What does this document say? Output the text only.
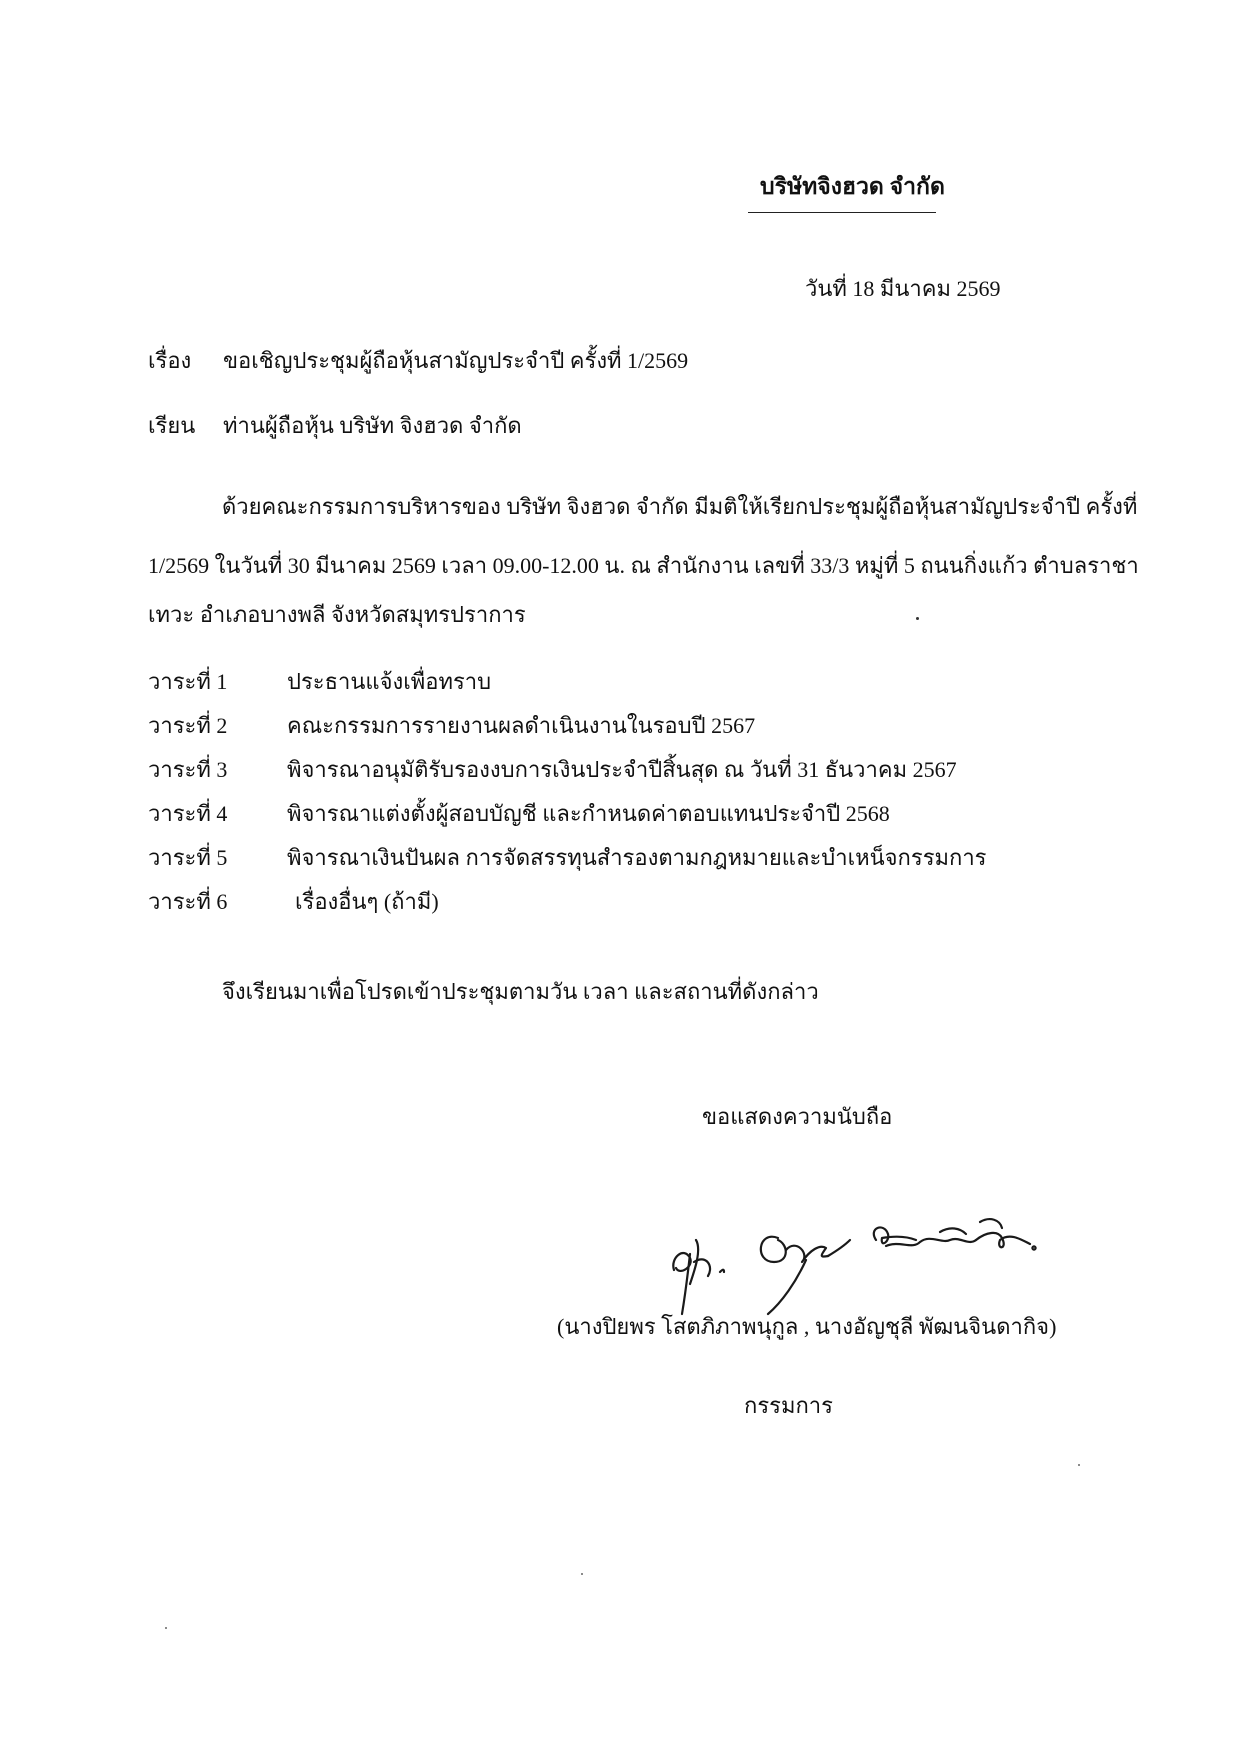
บริษัทจิงฮวด จำกัด
วันที่ 18 มีนาคม 2569
เรื่อง ขอเชิญประชุมผู้ถือหุ้นสามัญประจำปี ครั้งที่ 1/2569
เรียน ท่านผู้ถือหุ้น บริษัท จิงฮวด จำกัด
ด้วยคณะกรรมการบริหารของ บริษัท จิงฮวด จำกัด มีมติให้เรียกประชุมผู้ถือหุ้นสามัญประจำปี ครั้งที่
1/2569 ในวันที่ 30 มีนาคม 2569 เวลา 09.00-12.00 น. ณ สำนักงาน เลขที่ 33/3 หมู่ที่ 5 ถนนกิ่งแก้ว ตำบลราชา
เทวะ อำเภอบางพลี จังหวัดสมุทรปราการ
วาระที่ 1	ประธานแจ้งเพื่อทราบ
วาระที่ 2	คณะกรรมการรายงานผลดำเนินงานในรอบปี 2567
วาระที่ 3	พิจารณาอนุมัติรับรองงบการเงินประจำปีสิ้นสุด ณ วันที่ 31 ธันวาคม 2567
วาระที่ 4	พิจารณาแต่งตั้งผู้สอบบัญชี และกำหนดค่าตอบแทนประจำปี 2568
วาระที่ 5	พิจารณาเงินปันผล การจัดสรรทุนสำรองตามกฎหมายและบำเหน็จกรรมการ
วาระที่ 6	เรื่องอื่นๆ (ถ้ามี)
จึงเรียนมาเพื่อโปรดเข้าประชุมตามวัน เวลา และสถานที่ดังกล่าว
ขอแสดงความนับถือ
(นางปิยพร โสตภิภาพนุกูล , นางอัญชุลี พัฒนจินดากิจ)
กรรมการ
